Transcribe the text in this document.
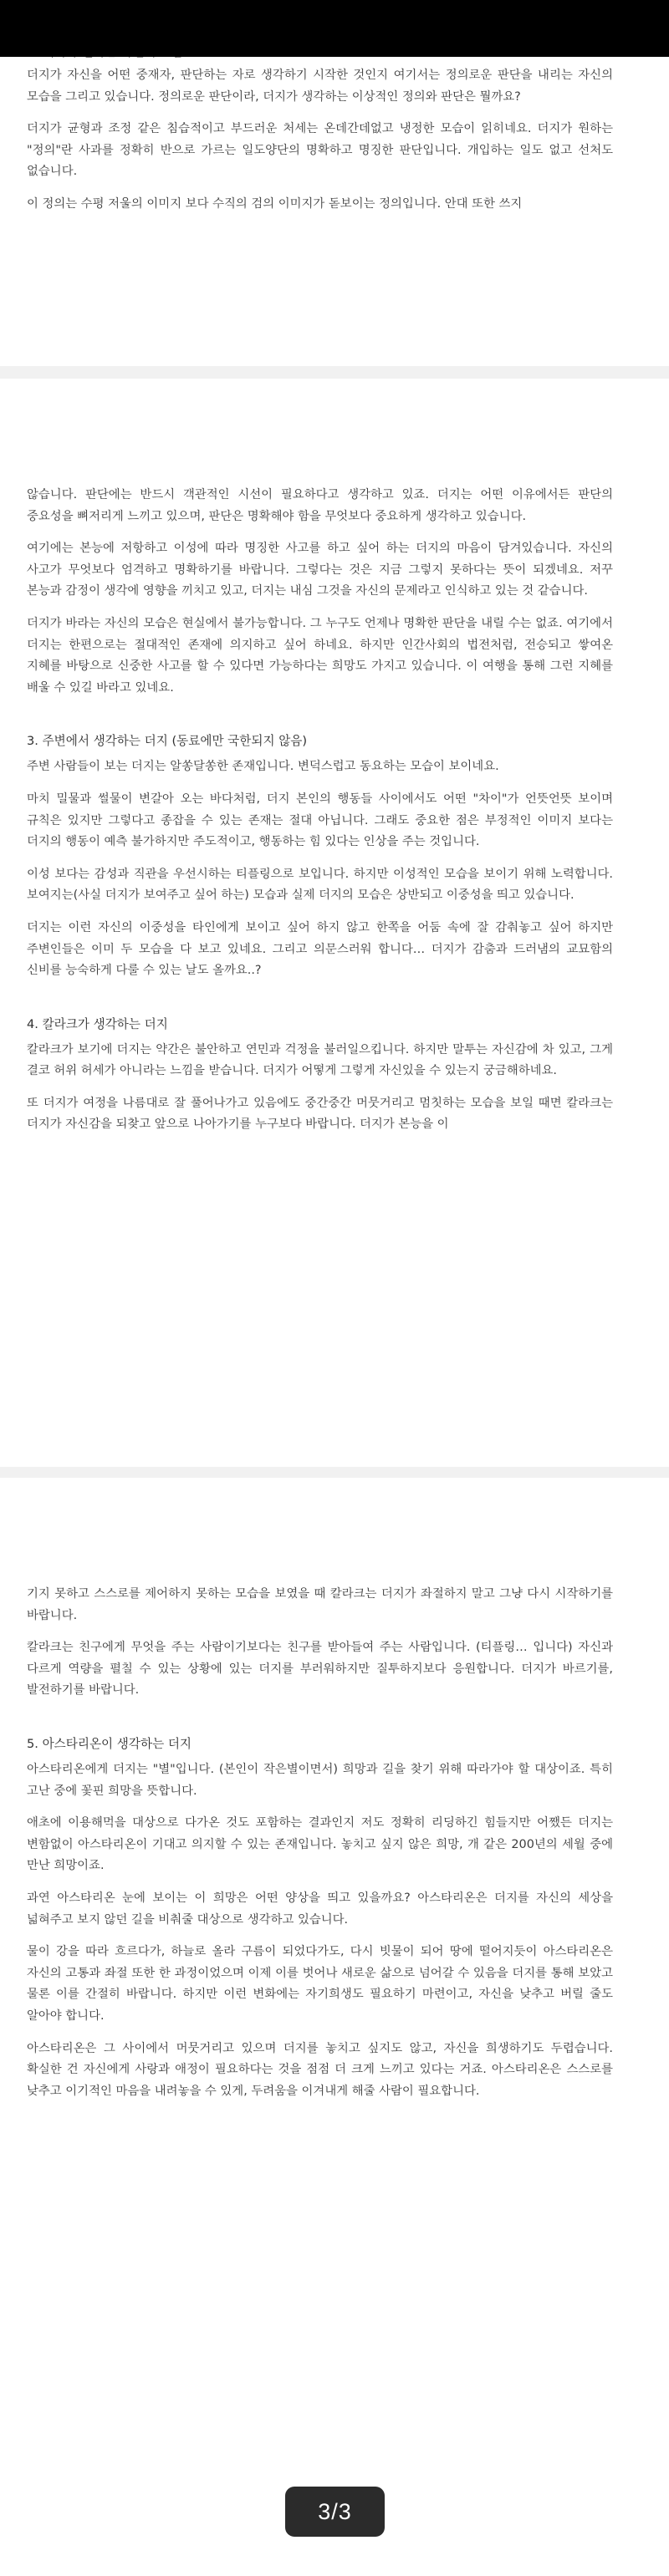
더지가 자신을 어떤 중재자, 판단하는 자로 생각하기 시작한 것인지 여기서는 정의로운 판단을 내리는 자신의 모습을 그리고 있습니다. 정의로운 판단이라, 더지가 생각하는 이상적인 정의와 판단은 뭘까요?

더지가 균형과 조정 같은 침습적이고 부드러운 처세는 온데간데없고 냉정한 모습이 읽히네요. 더지가 원하는 "정의"란 사과를 정확히 반으로 가르는 일도양단의 명확하고 명징한 판단입니다. 개입하는 일도 없고 선처도 없습니다.

이 정의는 수평 저울의 이미지 보다 수직의 검의 이미지가 돋보이는 정의입니다. 안대 또한 쓰지

않습니다. 판단에는 반드시 객관적인 시선이 필요하다고 생각하고 있죠. 더지는 어떤 이유에서든 판단의 중요성을 뼈저리게 느끼고 있으며, 판단은 명확해야 함을 무엇보다 중요하게 생각하고 있습니다.

여기에는 본능에 저항하고 이성에 따라 명징한 사고를 하고 싶어 하는 더지의 마음이 담겨있습니다. 자신의 사고가 무엇보다 엄격하고 명확하기를 바랍니다. 그렇다는 것은 지금 그렇지 못하다는 뜻이 되겠네요. 저꾸 본능과 감정이 생각에 영향을 끼치고 있고, 더지는 내심 그것을 자신의 문제라고 인식하고 있는 것 같습니다.

더지가 바라는 자신의 모습은 현실에서 불가능합니다. 그 누구도 언제나 명확한 판단을 내릴 수는 없죠. 여기에서 더지는 한편으로는 절대적인 존재에 의지하고 싶어 하네요. 하지만 인간사회의 법전처럼, 전승되고 쌓여온 지혜를 바탕으로 신중한 사고를 할 수 있다면 가능하다는 희망도 가지고 있습니다. 이 여행을 통해 그런 지혜를 배울 수 있길 바라고 있네요.

3. 주변에서 생각하는 더지 (동료에만 국한되지 않음)

주변 사람들이 보는 더지는 알쏭달쏭한 존재입니다. 변덕스럽고 동요하는 모습이 보이네요.

마치 밀물과 썰물이 변갈아 오는 바다처럼, 더지 본인의 행동들 사이에서도 어떤 "차이"가 언뜻언뜻 보이며 규칙은 있지만 그렇다고 종잡을 수 있는 존재는 절대 아닙니다. 그래도 중요한 점은 부정적인 이미지 보다는 더지의 행동이 예측 불가하지만 주도적이고, 행동하는 힘 있다는 인상을 주는 것입니다.

이성 보다는 감성과 직관을 우선시하는 티플링으로 보입니다. 하지만 이성적인 모습을 보이기 위해 노력합니다. 보여지는(사실 더지가 보여주고 싶어 하는) 모습과 실제 더지의 모습은 상반되고 이중성을 띄고 있습니다.

더지는 이런 자신의 이중성을 타인에게 보이고 싶어 하지 않고 한쪽을 어둠 속에 잘 감춰놓고 싶어 하지만 주변인들은 이미 두 모습을 다 보고 있네요. 그리고 의문스러워 합니다… 더지가 감춤과 드러냄의 교묘함의 신비를 능숙하게 다룰 수 있는 날도 올까요..?

4. 칼라크가 생각하는 더지

칼라크가 보기에 더지는 약간은 불안하고 연민과 걱정을 불러일으킵니다. 하지만 말투는 자신감에 차 있고, 그게 결코 허위 허세가 아니라는 느낌을 받습니다. 더지가 어떻게 그렇게 자신있을 수 있는지 궁금해하네요.

또 더지가 여정을 나름대로 잘 풀어나가고 있음에도 중간중간 머뭇거리고 멈칫하는 모습을 보일 때면 칼라크는 더지가 자신감을 되찾고 앞으로 나아가기를 누구보다 바랍니다. 더지가 본능을 이

기지 못하고 스스로를 제어하지 못하는 모습을 보였을 때 칼라크는 더지가 좌절하지 말고 그냥 다시 시작하기를 바랍니다.

칼라크는 친구에게 무엇을 주는 사람이기보다는 친구를 받아들여 주는 사람입니다. (티플링… 입니다) 자신과 다르게 역량을 펼칠 수 있는 상황에 있는 더지를 부러워하지만 질투하지보다 응원합니다. 더지가 바르기를, 발전하기를 바랍니다.

5. 아스타리온이 생각하는 더지

아스타리온에게 더지는 "별"입니다. (본인이 작은별이면서) 희망과 길을 찾기 위해 따라가야 할 대상이죠. 특히 고난 중에 꽃핀 희망을 뜻합니다.

애초에 이용해먹을 대상으로 다가온 것도 포함하는 결과인지 저도 정확히 리딩하긴 힘들지만 어쨌든 더지는 변함없이 아스타리온이 기대고 의지할 수 있는 존재입니다. 놓치고 싶지 않은 희망, 개 같은 200년의 세월 중에 만난 희망이죠.

과연 아스타리온 눈에 보이는 이 희망은 어떤 양상을 띄고 있을까요? 아스타리온은 더지를 자신의 세상을 넓혀주고 보지 않던 길을 비춰줄 대상으로 생각하고 있습니다.

물이 강을 따라 흐르다가, 하늘로 올라 구름이 되었다가도, 다시 빗물이 되어 땅에 떨어지듯이 아스타리온은 자신의 고통과 좌절 또한 한 과정이었으며 이제 이를 벗어나 새로운 삶으로 넘어갈 수 있음을 더지를 통해 보았고 물론 이를 간절히 바랍니다. 하지만 이런 변화에는 자기희생도 필요하기 마련이고, 자신을 낮추고 버릴 줄도 알아야 합니다.

아스타리온은 그 사이에서 머뭇거리고 있으며 더지를 놓치고 싶지도 않고, 자신을 희생하기도 두렵습니다. 확실한 건 자신에게 사랑과 애정이 필요하다는 것을 점점 더 크게 느끼고 있다는 거죠. 아스타리온은 스스로를 낮추고 이기적인 마음을 내려놓을 수 있게, 두려움을 이겨내게 해줄 사람이 필요합니다.

3/3
